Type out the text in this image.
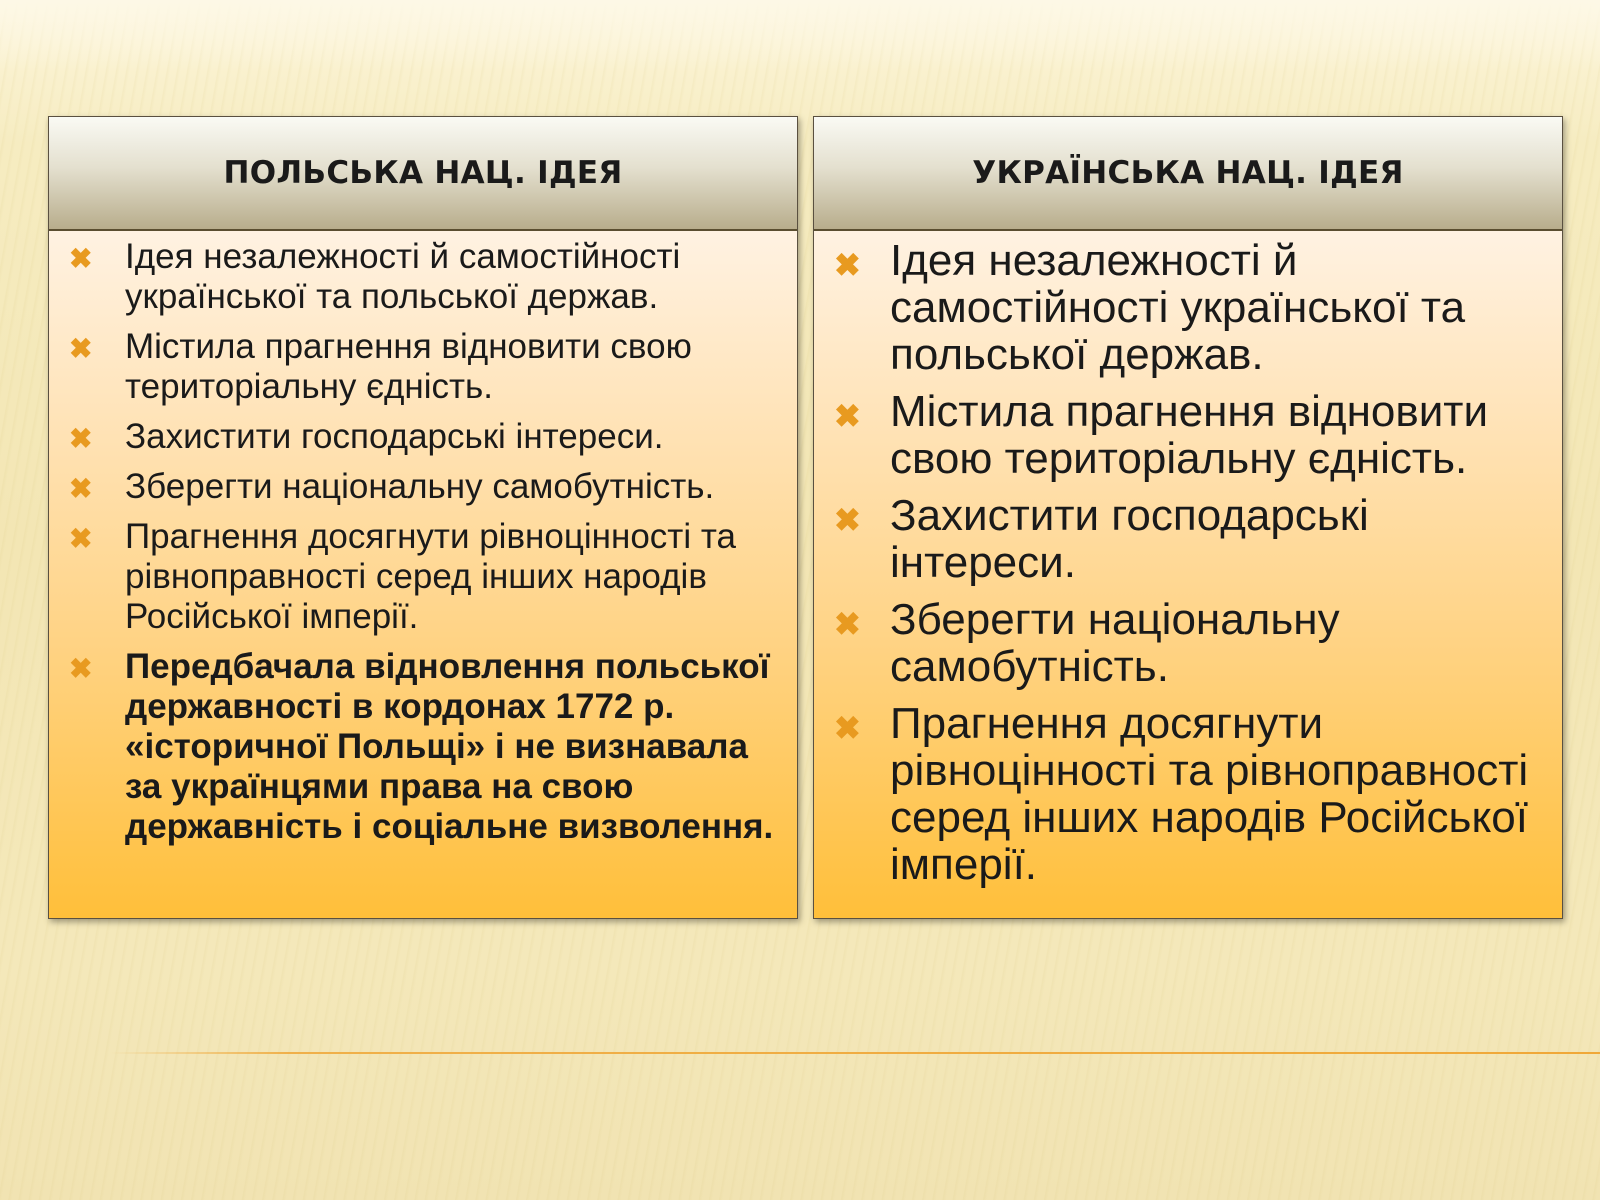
ПОЛЬСЬКА НАЦ. ІДЕЯ
✖ Ідея незалежності й самостійності української та польської держав.
✖ Містила прагнення відновити свою територіальну єдність.
✖ Захистити господарські інтереси.
✖ Зберегти національну самобутність.
✖ Прагнення досягнути рівноцінності та рівноправності серед інших народів Російської імперії.
✖ Передбачала відновлення польської державності в кордонах 1772 р. «історичної Польщі» і не визнавала за українцями права на свою державність і соціальне визволення.
УКРАЇНСЬКА НАЦ. ІДЕЯ
✖ Ідея незалежності й самостійності української та польської держав.
✖ Містила прагнення відновити свою територіальну єдність.
✖ Захистити господарські інтереси.
✖ Зберегти національну самобутність.
✖ Прагнення досягнути рівноцінності та рівноправності серед інших народів Російської імперії.
